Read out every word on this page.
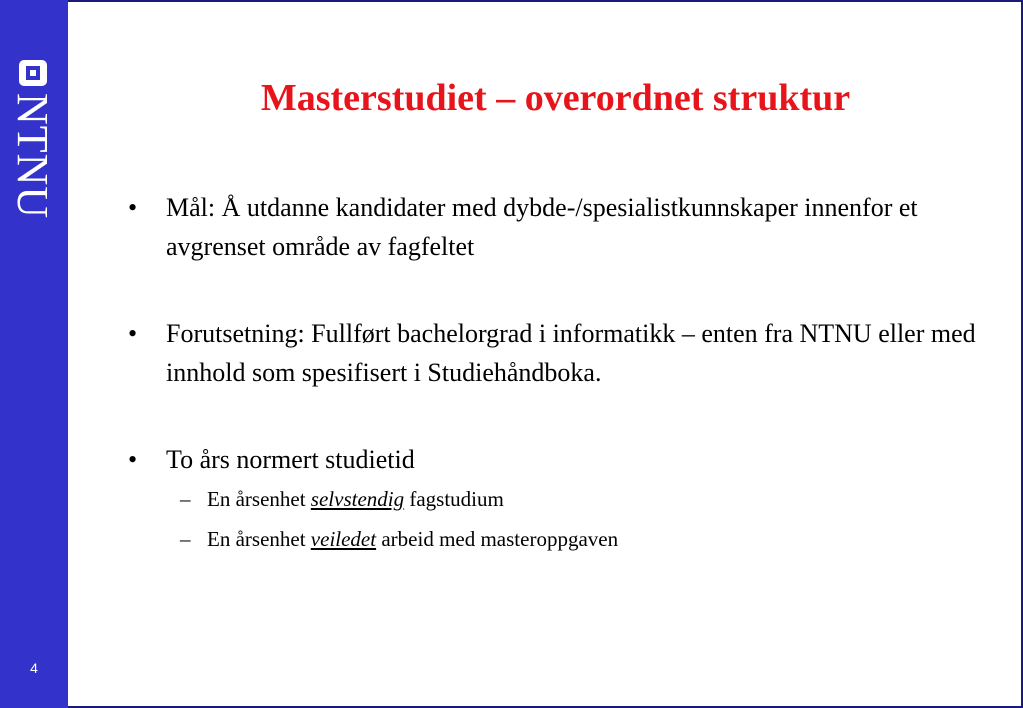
NTNU
4
Masterstudiet – overordnet struktur
• Mål: Å utdanne kandidater med dybde-/spesialistkunnskaper innenfor et avgrenset område av fagfeltet
• Forutsetning: Fullført bachelorgrad i informatikk – enten fra NTNU eller med innhold som spesifisert i Studiehåndboka.
• To års normert studietid
– En årsenhet selvstendig fagstudium
– En årsenhet veiledet arbeid med masteroppgaven
